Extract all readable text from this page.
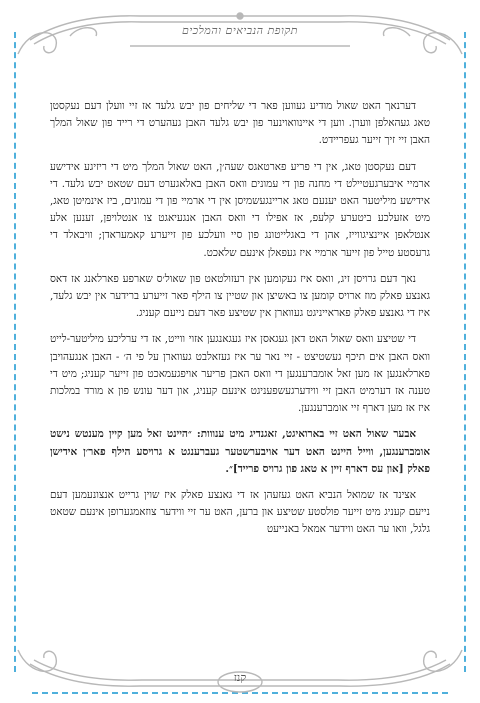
תקופת הנביאים והמלכים

דערנאך האט שאול מודיע געווען פאר די שליחים פון יבש גלעד אז זיי וועלן דעם נעקסטן טאג געהאלפן ווערן. ווען די איינוואוינער פון יבש גלעד האבן געהערט די רייד פון שאול המלך האבן זיי זיך זייער געפריידט.

דעם נעקסטן טאג, אין די פריע פארטאגס שעה׳ן, האט שאול המלך מיט די ריזיגע אידישע ארמיי איבערגעטיילט די מחנה פון די עמונים וואס האבן באלאגערט דעם שטאט יבש גלעד. די אידישע מיליטער האט יענעם טאג אריינגעשמיסן אין די ארמיי פון די עמונים, ביז אינמיטן טאג, מיט אזעלכע ביטערע קלעפ, אז אפילו די וואס האבן אנגעיאגט צו אנטלויפן, זענען אלע אנטלאפן איינציגווייז, אהן די באגלייטונג פון סיי וועלכע פון זייערע קאמעראדן; וויבאלד די גרעסטע טייל פון זייער ארמיי איז געפאלן אינעם שלאכט.

נאך דעם גרויסן זיג, וואס איז געקומען אין רעזולטאט פון שאול׳ס שארפע פארלאנג אז דאס גאנצע פאלק מוז ארויס קומען צו באשיצן און שטיין צו הילף פאר זייערע ברידער אין יבש גלעד, איז די גאנצע פאלק פאראייניגט געווארן אין שטיצע פאר דעם נייעם קעניג.

די שטיצע וואס שאול האט דאן געגאסן איז געגאנגען אזוי ווייט, אז די ערליכע מיליטער-לייט וואס האבן אים תיכף געשטיצט - זיי נאר ער איז געזאלבט געווארן על פי ה׳ - האבן אנגעהויבן פארלאנגען אז מען זאל אומברענגען די וואס האבן פריער אויפגעמאכט פון זייער קעניג; מיט די טענה אז דערמיט האבן זיי ווידערגעשפעניגט אינעם קעניג, און דער עונש פון א מורד במלכות איז אז מען דארף זיי אומברענגען.

אבער שאול האט זיי בארואיגט, זאגנדיג מיט ענווות: ״היינט זאל מען קיין מענטש נישט אומברענגען, ווייל היינט האט דער אויבערשטער געברענגט א גרויסע הילף פאר׳ן אידישן פאלק [און עס דארף זיין א טאג פון גרויס פרייד]״.

אצינד אז שמואל הנביא האט געזעהן אז די גאנצע פאלק איז שוין גרייט אנצונעמען דעם נייעם קעניג מיט זייער פולסטע שטיצע און ברען, האט ער זיי ווידער צוזאמגערופן אינעם שטאט גלגל, וואו ער האט ווידער אמאל באנייעט

קנז
